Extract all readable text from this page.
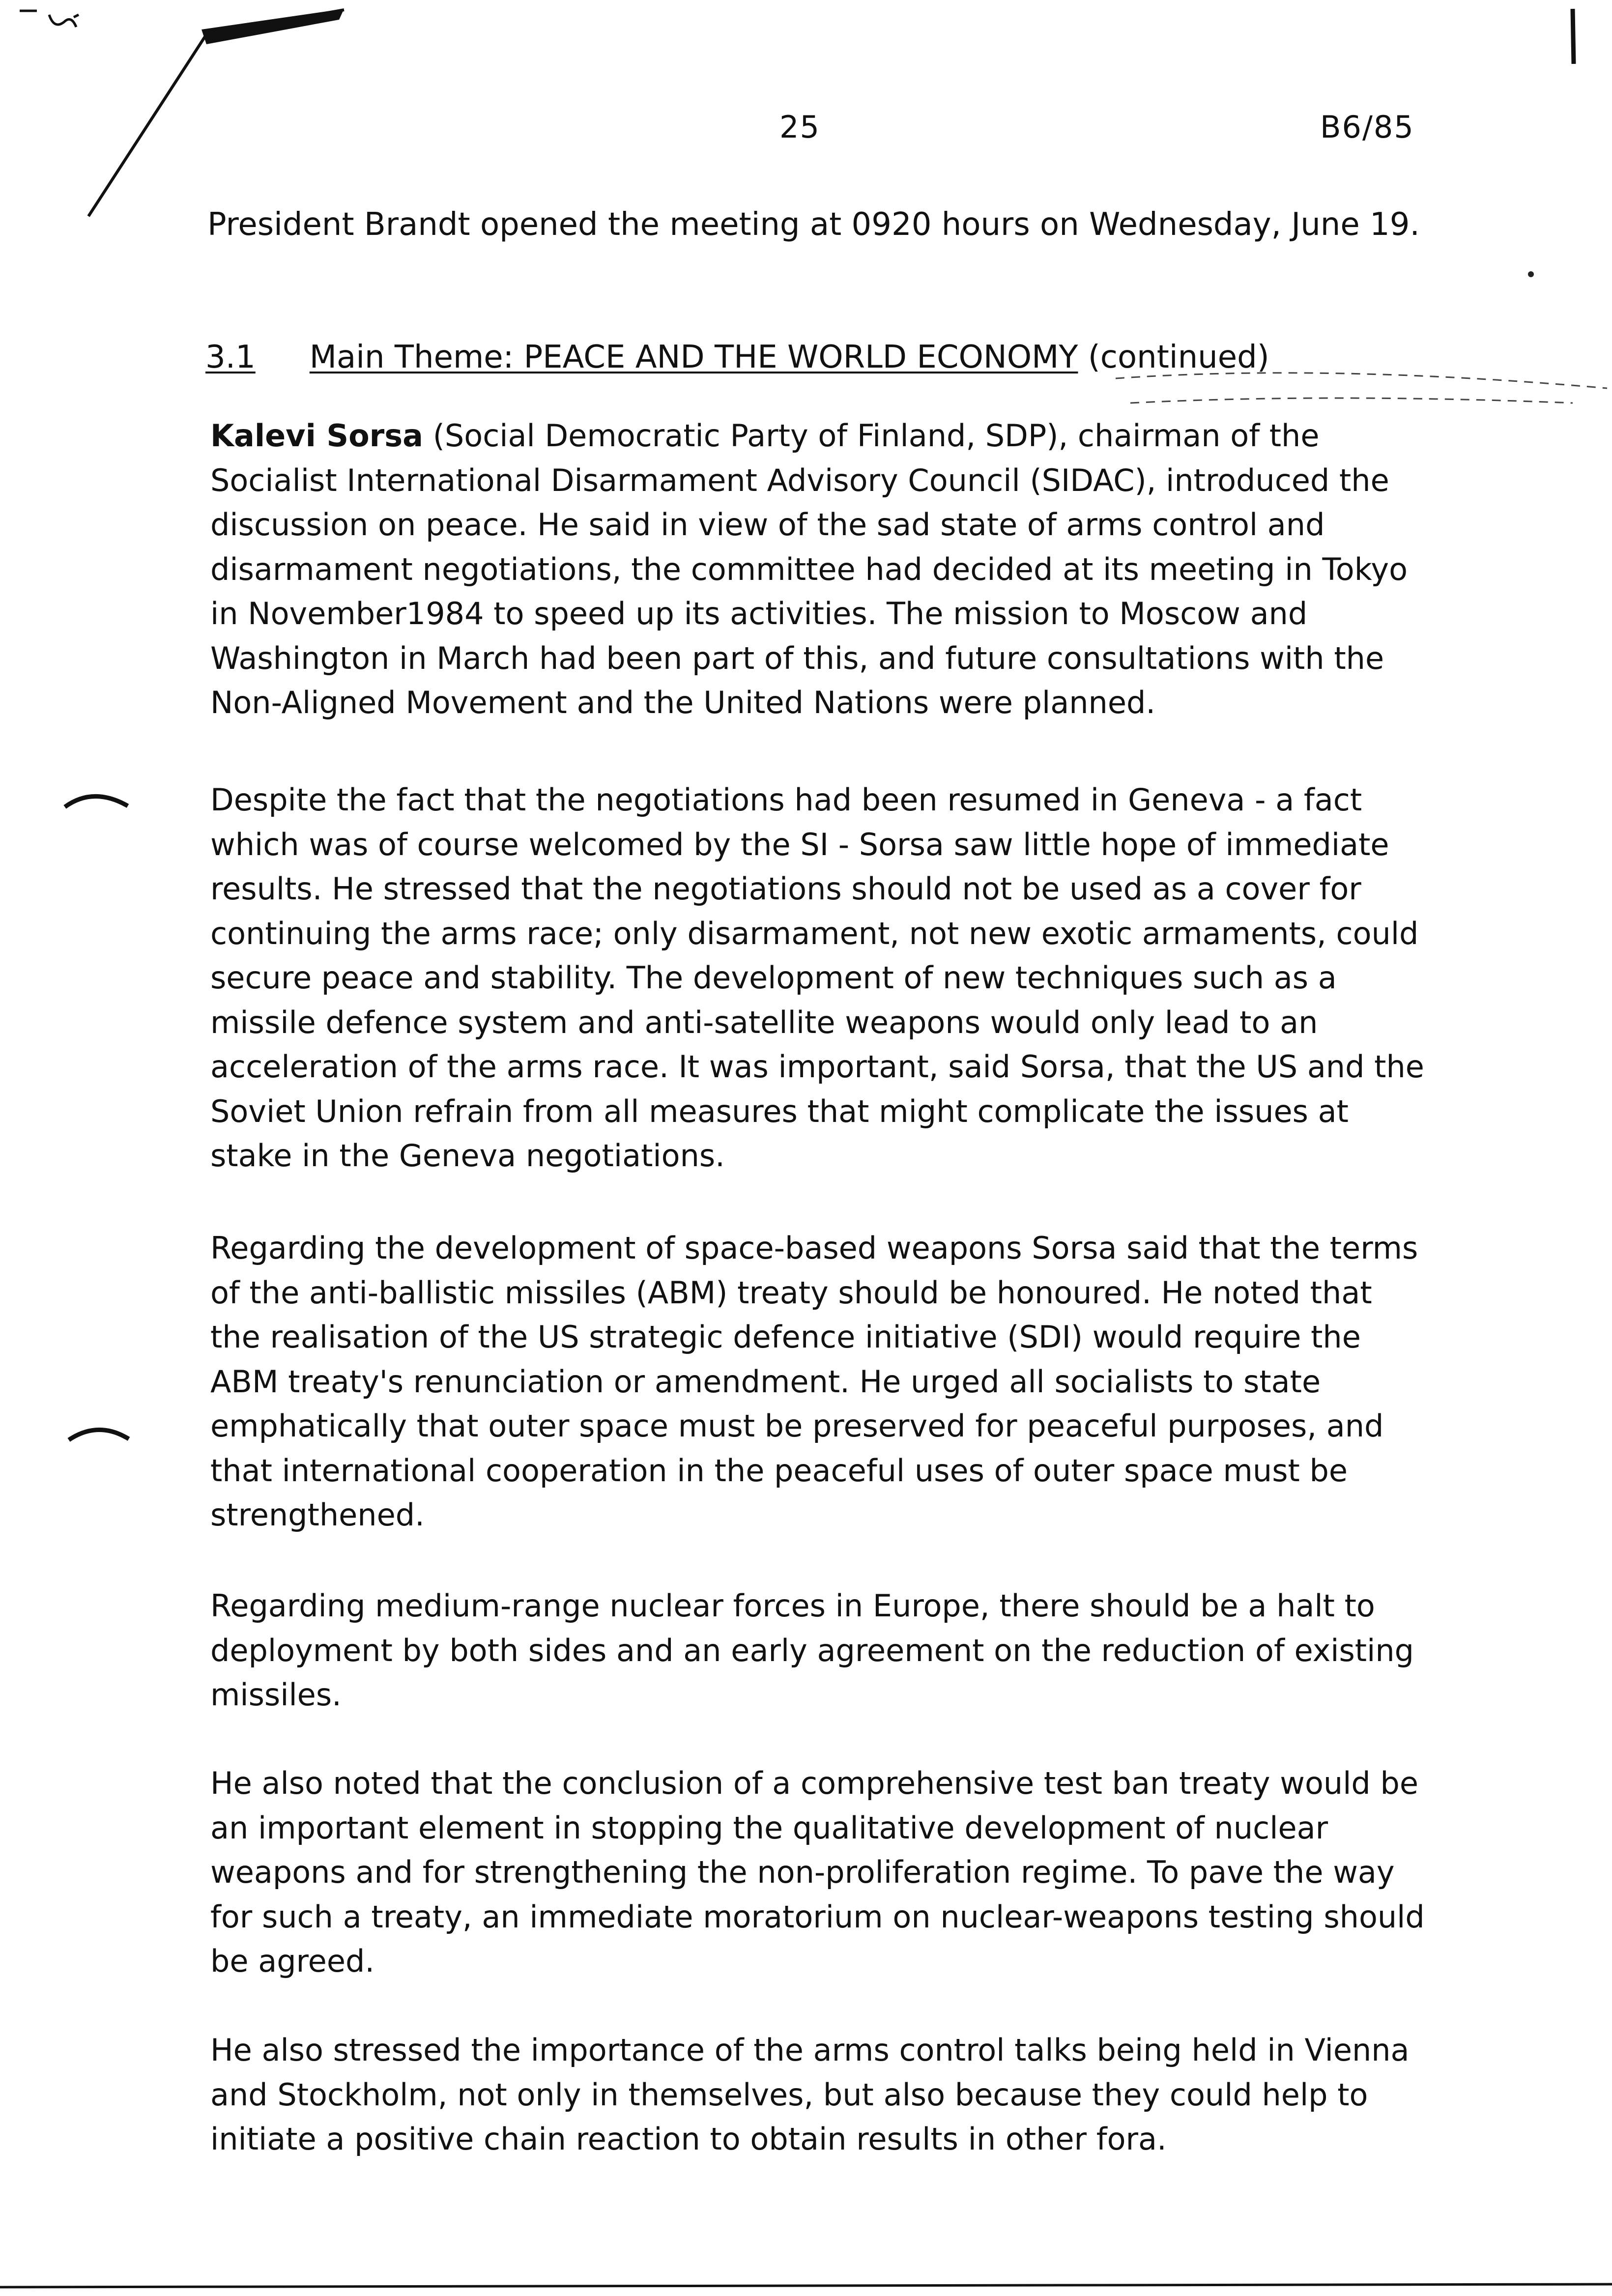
25	B6/85
President Brandt opened the meeting at 0920 hours on Wednesday, June 19.
3.1 Main Theme: PEACE AND THE WORLD ECONOMY (continued)

Kalevi Sorsa (Social Democratic Party of Finland, SDP), chairman of the Socialist International Disarmament Advisory Council (SIDAC), introduced the discussion on peace. He said in view of the sad state of arms control and disarmament negotiations, the committee had decided at its meeting in Tokyo in November1984 to speed up its activities. The mission to Moscow and Washington in March had been part of this, and future consultations with the Non-Aligned Movement and the United Nations were planned.

Despite the fact that the negotiations had been resumed in Geneva - a fact which was of course welcomed by the SI - Sorsa saw little hope of immediate results. He stressed that the negotiations should not be used as a cover for continuing the arms race; only disarmament, not new exotic armaments, could secure peace and stability. The development of new techniques such as a missile defence system and anti-satellite weapons would only lead to an acceleration of the arms race. It was important, said Sorsa, that the US and the Soviet Union refrain from all measures that might complicate the issues at stake in the Geneva negotiations.

Regarding the development of space-based weapons Sorsa said that the terms of the anti-ballistic missiles (ABM) treaty should be honoured. He noted that the realisation of the US strategic defence initiative (SDI) would require the ABM treaty's renunciation or amendment. He urged all socialists to state emphatically that outer space must be preserved for peaceful purposes, and that international cooperation in the peaceful uses of outer space must be strengthened.

Regarding medium-range nuclear forces in Europe, there should be a halt to deployment by both sides and an early agreement on the reduction of existing missiles.

He also noted that the conclusion of a comprehensive test ban treaty would be an important element in stopping the qualitative development of nuclear weapons and for strengthening the non-proliferation regime. To pave the way for such a treaty, an immediate moratorium on nuclear-weapons testing should be agreed.

He also stressed the importance of the arms control talks being held in Vienna and Stockholm, not only in themselves, but also because they could help to initiate a positive chain reaction to obtain results in other fora.
